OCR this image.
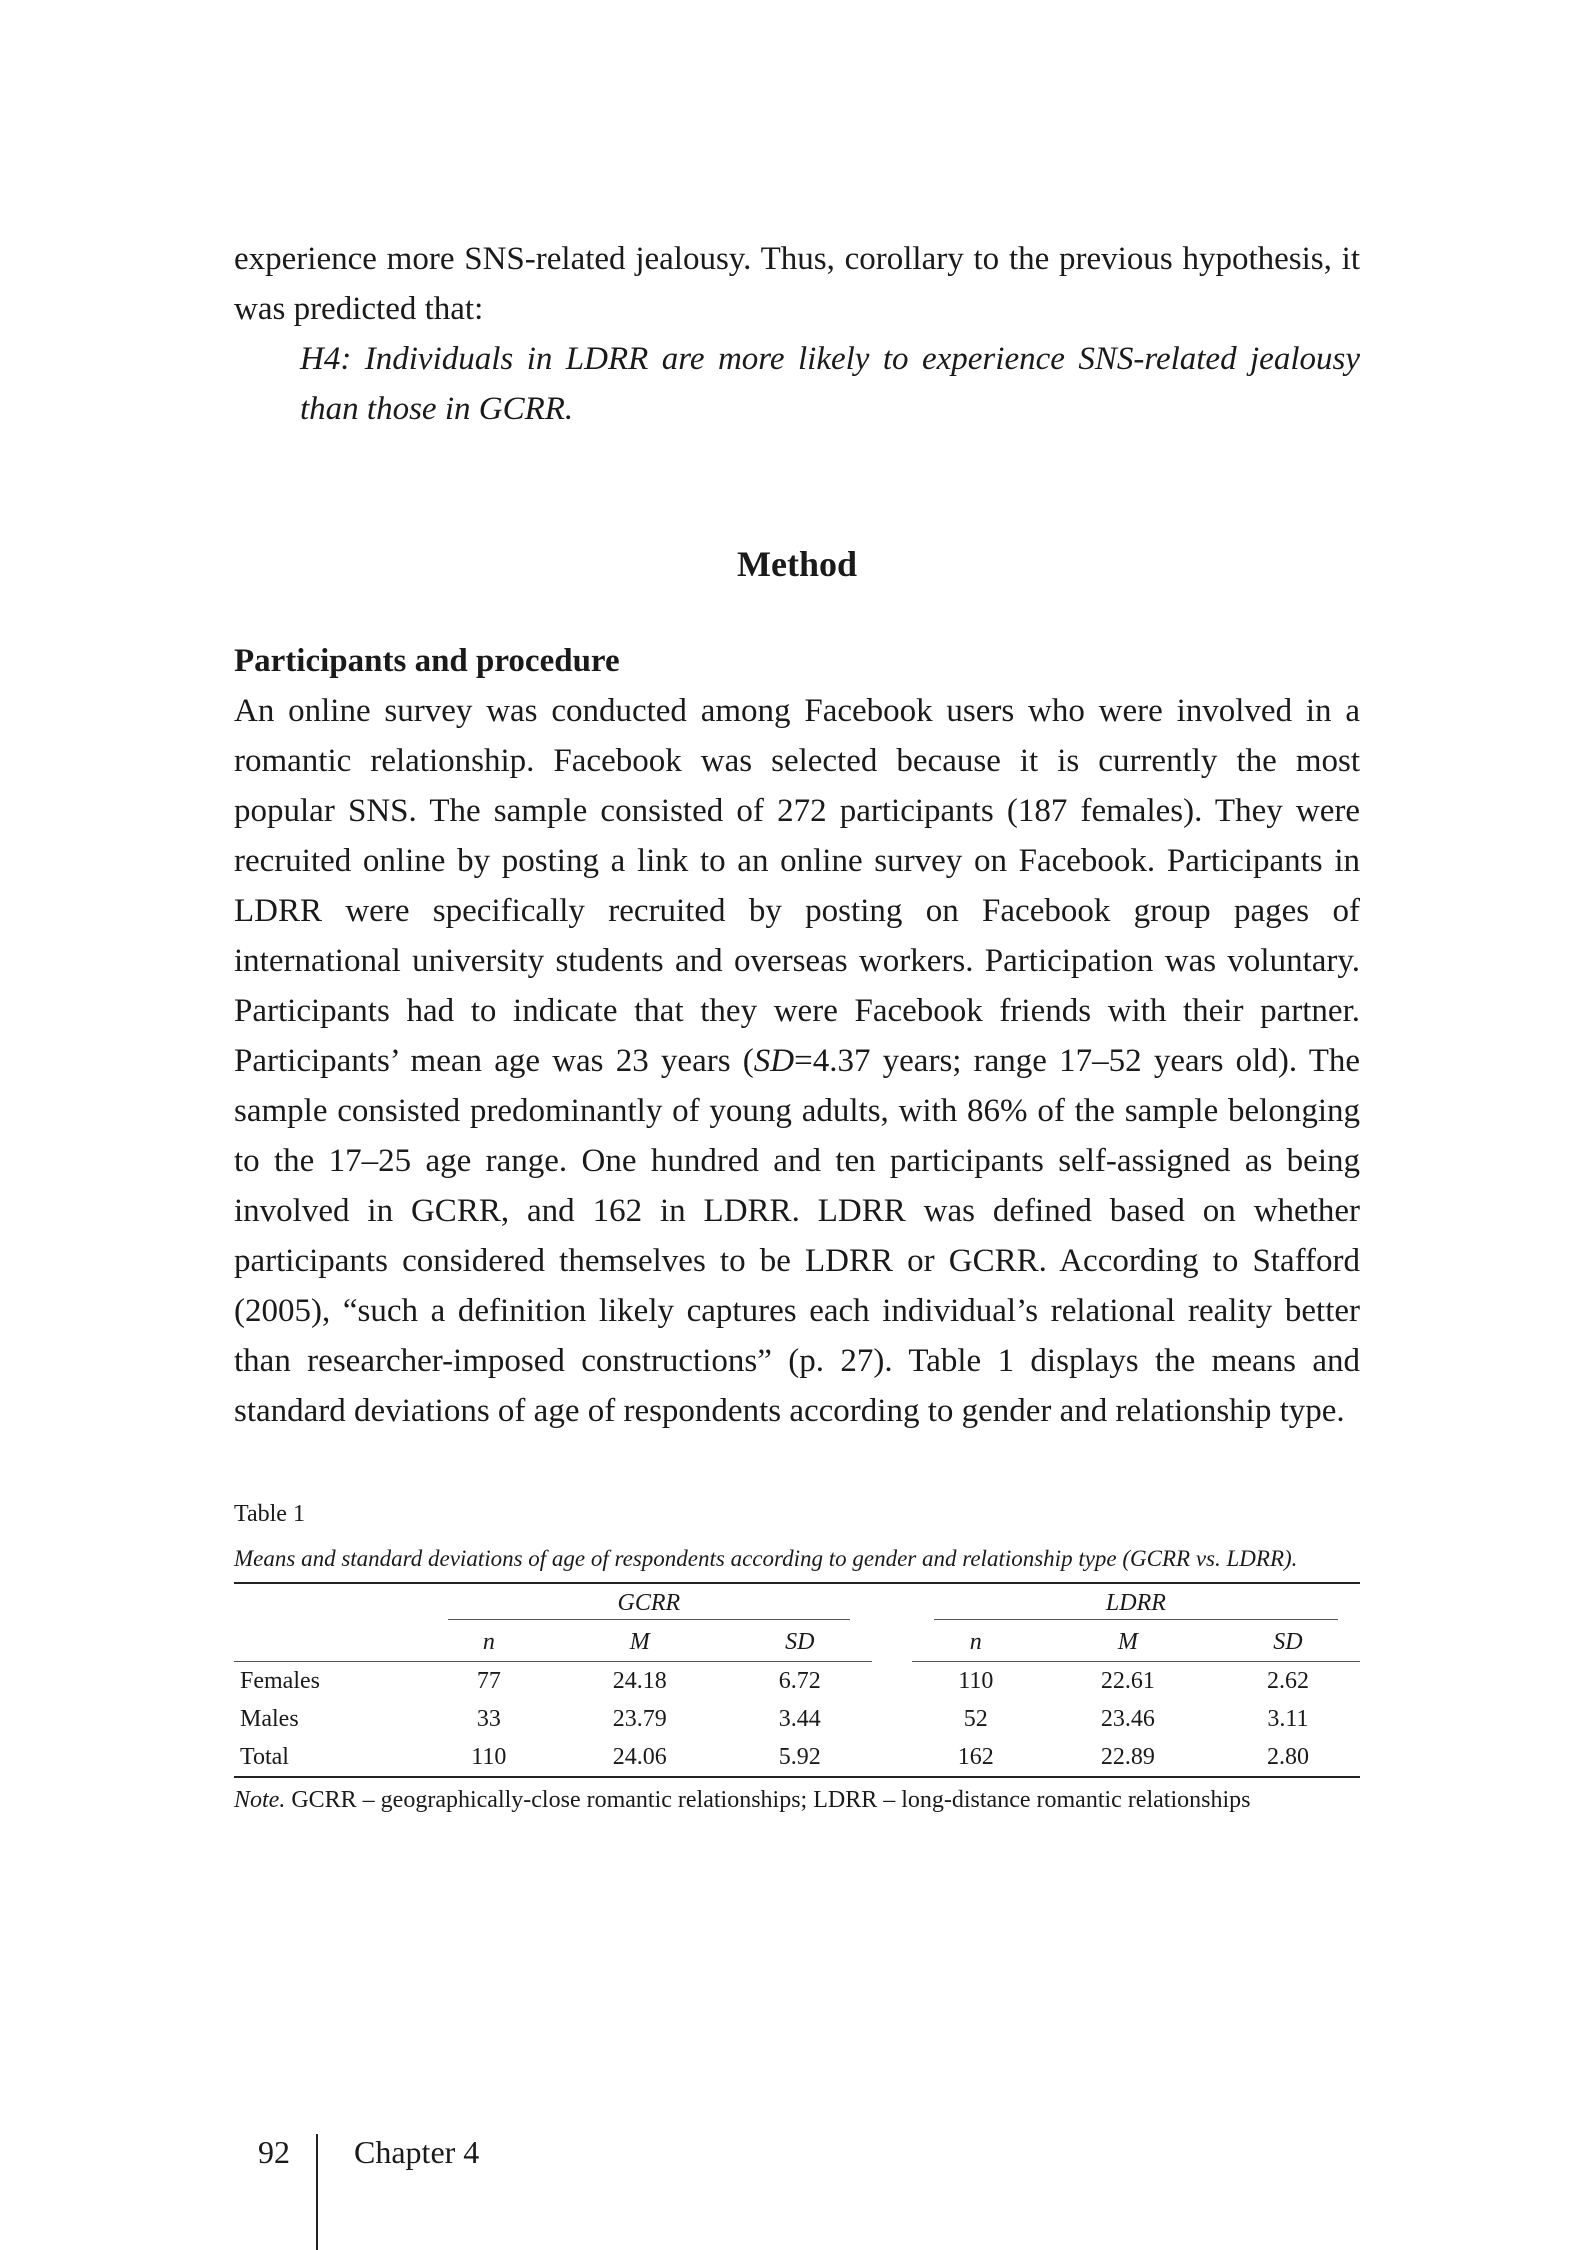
experience more SNS-related jealousy. Thus, corollary to the previous hypothesis, it was predicted that:

H4: Individuals in LDRR are more likely to experience SNS-related jealousy than those in GCRR.

Method
Participants and procedure

An online survey was conducted among Facebook users who were involved in a romantic relationship. Facebook was selected because it is currently the most popular SNS. The sample consisted of 272 participants (187 females). They were recruited online by posting a link to an online survey on Facebook. Participants in LDRR were specifically recruited by posting on Facebook group pages of international university students and overseas workers. Participation was voluntary. Participants had to indicate that they were Facebook friends with their partner. Participants’ mean age was 23 years (SD=4.37 years; range 17–52 years old). The sample consisted predominantly of young adults, with 86% of the sample belonging to the 17–25 age range. One hundred and ten participants self-assigned as being involved in GCRR, and 162 in LDRR. LDRR was defined based on whether participants considered themselves to be LDRR or GCRR. According to Stafford (2005), “such a definition likely captures each individual’s relational reality better than researcher-imposed constructions” (p. 27). Table 1 displays the means and standard deviations of age of respondents according to gender and relationship type.

Table 1
Means and standard deviations of age of respondents according to gender and relationship type (GCRR vs. LDRR).

	GCRR				LDRR		

	n	M	SD		n	M	SD
Females	77	24.18	6.72		110	22.61	2.62
Males	33	23.79	3.44		52	23.46	3.11
Total	110	24.06	5.92		162	22.89	2.80

Note. GCRR – geographically-close romantic relationships; LDRR – long-distance romantic relationships

92 Chapter 4
